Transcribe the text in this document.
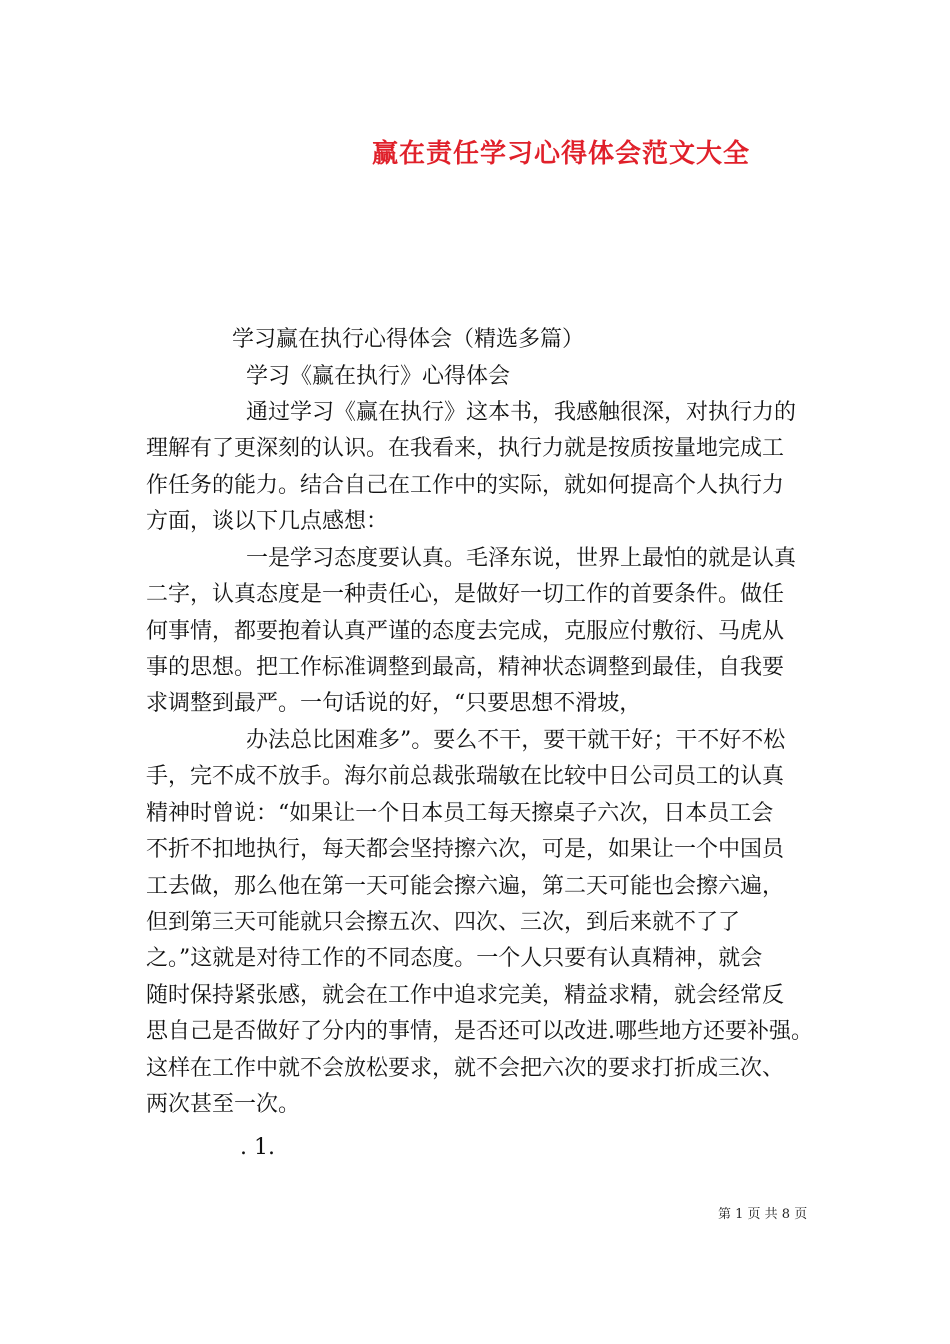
赢在责任学习心得体会范文大全

学习赢在执行心得体会（精选多篇）

学习《赢在执行》心得体会

通过学习《赢在执行》这本书，我感触很深，对执行力的

理解有了更深刻的认识。在我看来，执行力就是按质按量地完成工

作任务的能力。结合自己在工作中的实际，就如何提高个人执行力

方面，谈以下几点感想：

一是学习态度要认真。毛泽东说，世界上最怕的就是认真

二字，认真态度是一种责任心，是做好一切工作的首要条件。做任

何事情，都要抱着认真严谨的态度去完成，克服应付敷衍、马虎从

事的思想。把工作标准调整到最高，精神状态调整到最佳，自我要

求调整到最严。一句话说的好，“只要思想不滑坡，

办法总比困难多”。要么不干，要干就干好；干不好不松

手，完不成不放手。海尔前总裁张瑞敏在比较中日公司员工的认真

精神时曾说：“如果让一个日本员工每天擦桌子六次，日本员工会

不折不扣地执行，每天都会坚持擦六次，可是，如果让一个中国员

工去做，那么他在第一天可能会擦六遍，第二天可能也会擦六遍，

但到第三天可能就只会擦五次、四次、三次，到后来就不了了

之。”这就是对待工作的不同态度。一个人只要有认真精神，就会

随时保持紧张感，就会在工作中追求完美，精益求精，就会经常反

思自己是否做好了分内的事情，是否还可以改进.哪些地方还要补强。

这样在工作中就不会放松要求，就不会把六次的要求打折成三次、

两次甚至一次。

. 1.

第 1 页 共 8 页
